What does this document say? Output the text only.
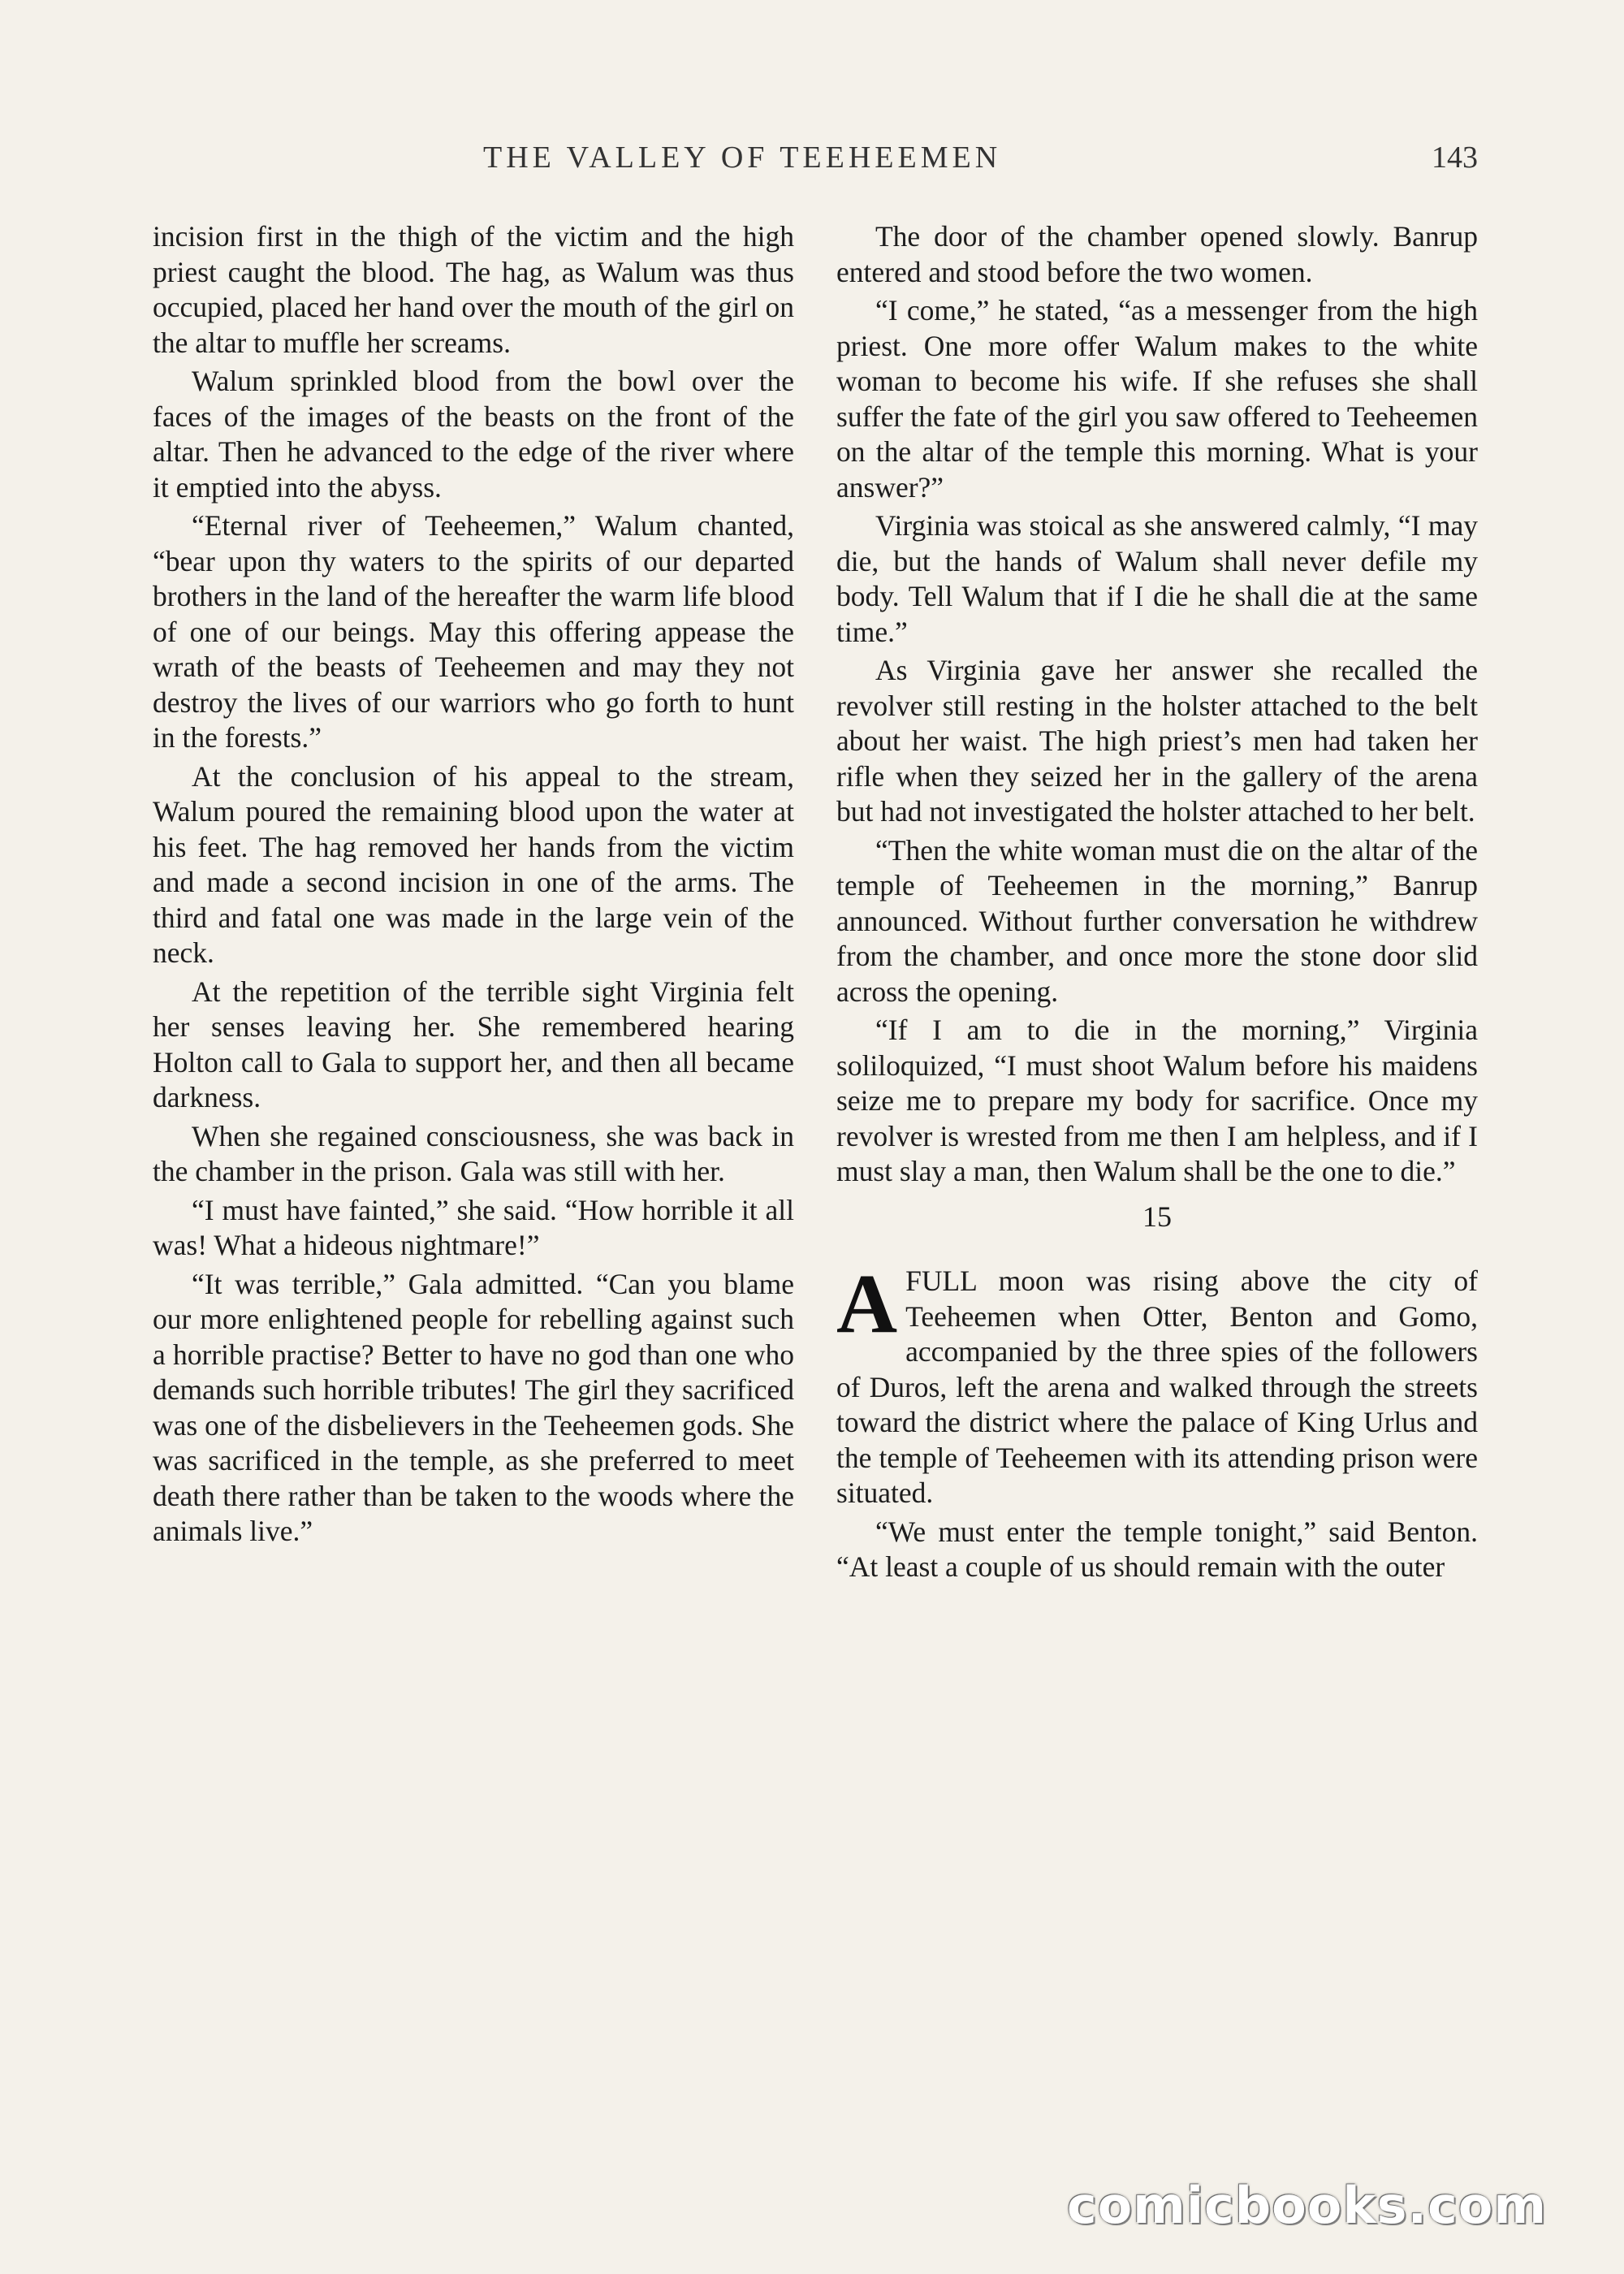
THE VALLEY OF TEEHEEMEN	143

incision first in the thigh of the victim and the high priest caught the blood. The hag, as Walum was thus occupied, placed her hand over the mouth of the girl on the altar to muffle her screams.

Walum sprinkled blood from the bowl over the faces of the images of the beasts on the front of the altar. Then he advanced to the edge of the river where it emptied into the abyss.

“Eternal river of Teeheemen,” Walum chanted, “bear upon thy waters to the spirits of our departed brothers in the land of the hereafter the warm life blood of one of our beings. May this offering appease the wrath of the beasts of Teeheemen and may they not destroy the lives of our warriors who go forth to hunt in the forests.”

At the conclusion of his appeal to the stream, Walum poured the remaining blood upon the water at his feet. The hag removed her hands from the victim and made a second incision in one of the arms. The third and fatal one was made in the large vein of the neck.

At the repetition of the terrible sight Virginia felt her senses leaving her. She remembered hearing Holton call to Gala to support her, and then all became darkness.

When she regained consciousness, she was back in the chamber in the prison. Gala was still with her.

“I must have fainted,” she said. “How horrible it all was! What a hideous nightmare!”

“It was terrible,” Gala admitted. “Can you blame our more enlightened people for rebelling against such a horrible practise? Better to have no god than one who demands such horrible tributes! The girl they sacrificed was one of the disbelievers in the Teeheemen gods. She was sacrificed in the temple, as she preferred to meet death there rather than be taken to the woods where the animals live.”

The door of the chamber opened slowly. Banrup entered and stood before the two women.

“I come,” he stated, “as a messenger from the high priest. One more offer Walum makes to the white woman to become his wife. If she refuses she shall suffer the fate of the girl you saw offered to Teeheemen on the altar of the temple this morning. What is your answer?”

Virginia was stoical as she answered calmly, “I may die, but the hands of Walum shall never defile my body. Tell Walum that if I die he shall die at the same time.”

As Virginia gave her answer she recalled the revolver still resting in the holster attached to the belt about her waist. The high priest’s men had taken her rifle when they seized her in the gallery of the arena but had not investigated the holster attached to her belt.

“Then the white woman must die on the altar of the temple of Teeheemen in the morning,” Banrup announced. Without further conversation he withdrew from the chamber, and once more the stone door slid across the opening.

“If I am to die in the morning,” Virginia soliloquized, “I must shoot Walum before his maidens seize me to prepare my body for sacrifice. Once my revolver is wrested from me then I am helpless, and if I must slay a man, then Walum shall be the one to die.”

15

A FULL moon was rising above the city of Teeheemen when Otter, Benton and Gomo, accompanied by the three spies of the followers of Duros, left the arena and walked through the streets toward the district where the palace of King Urlus and the temple of Teeheemen with its attending prison were situated.

“We must enter the temple tonight,” said Benton. “At least a couple of us should remain with the outer

comicbooks.com
